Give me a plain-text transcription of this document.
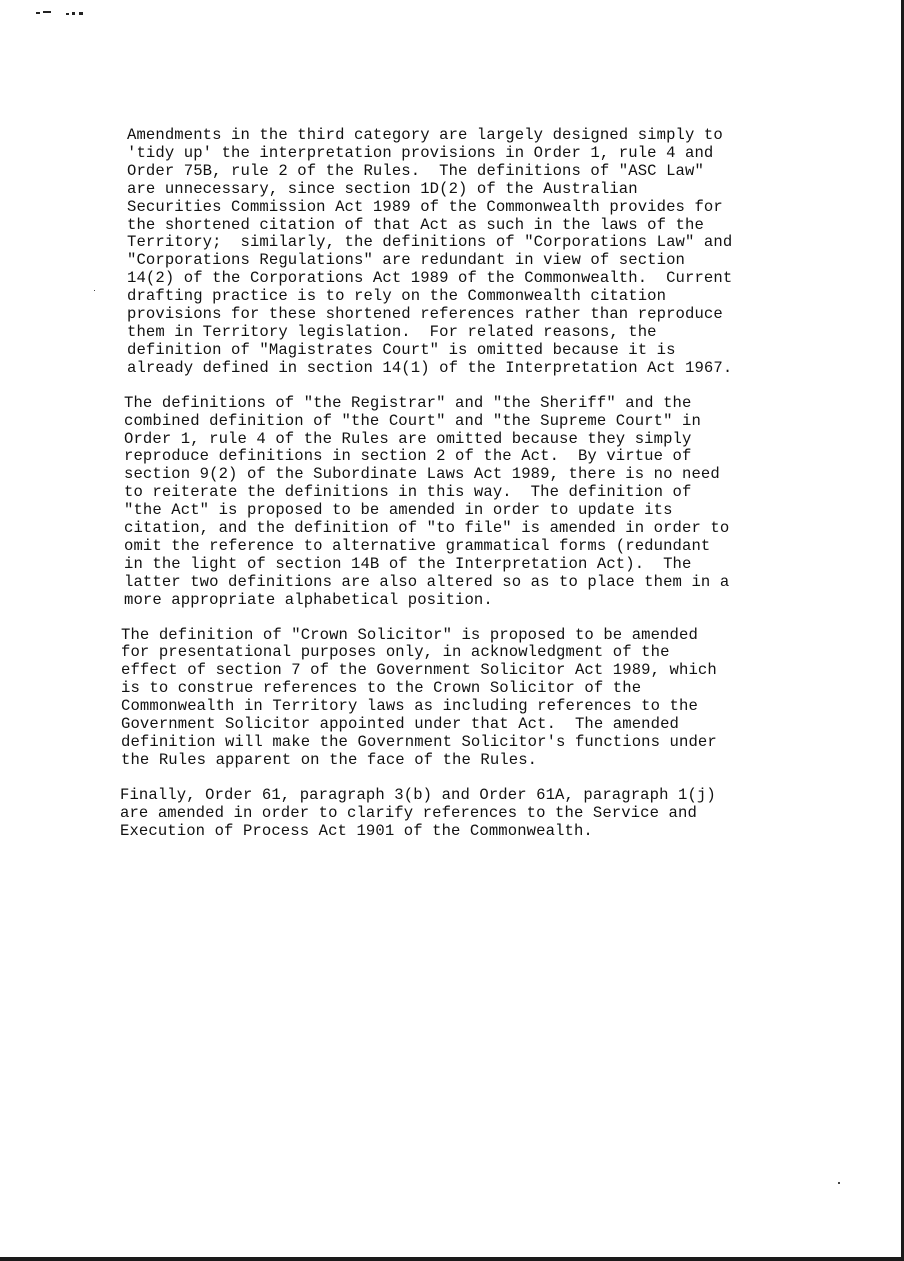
Amendments in the third category are largely designed simply to
'tidy up' the interpretation provisions in Order 1, rule 4 and
Order 75B, rule 2 of the Rules.  The definitions of "ASC Law"
are unnecessary, since section 1D(2) of the Australian
Securities Commission Act 1989 of the Commonwealth provides for
the shortened citation of that Act as such in the laws of the
Territory;  similarly, the definitions of "Corporations Law" and
"Corporations Regulations" are redundant in view of section
14(2) of the Corporations Act 1989 of the Commonwealth.  Current
drafting practice is to rely on the Commonwealth citation
provisions for these shortened references rather than reproduce
them in Territory legislation.  For related reasons, the
definition of "Magistrates Court" is omitted because it is
already defined in section 14(1) of the Interpretation Act 1967.

The definitions of "the Registrar" and "the Sheriff" and the
combined definition of "the Court" and "the Supreme Court" in
Order 1, rule 4 of the Rules are omitted because they simply
reproduce definitions in section 2 of the Act.  By virtue of
section 9(2) of the Subordinate Laws Act 1989, there is no need
to reiterate the definitions in this way.  The definition of
"the Act" is proposed to be amended in order to update its
citation, and the definition of "to file" is amended in order to
omit the reference to alternative grammatical forms (redundant
in the light of section 14B of the Interpretation Act).  The
latter two definitions are also altered so as to place them in a
more appropriate alphabetical position.

The definition of "Crown Solicitor" is proposed to be amended
for presentational purposes only, in acknowledgment of the
effect of section 7 of the Government Solicitor Act 1989, which
is to construe references to the Crown Solicitor of the
Commonwealth in Territory laws as including references to the
Government Solicitor appointed under that Act.  The amended
definition will make the Government Solicitor's functions under
the Rules apparent on the face of the Rules.

Finally, Order 61, paragraph 3(b) and Order 61A, paragraph 1(j)
are amended in order to clarify references to the Service and
Execution of Process Act 1901 of the Commonwealth.
